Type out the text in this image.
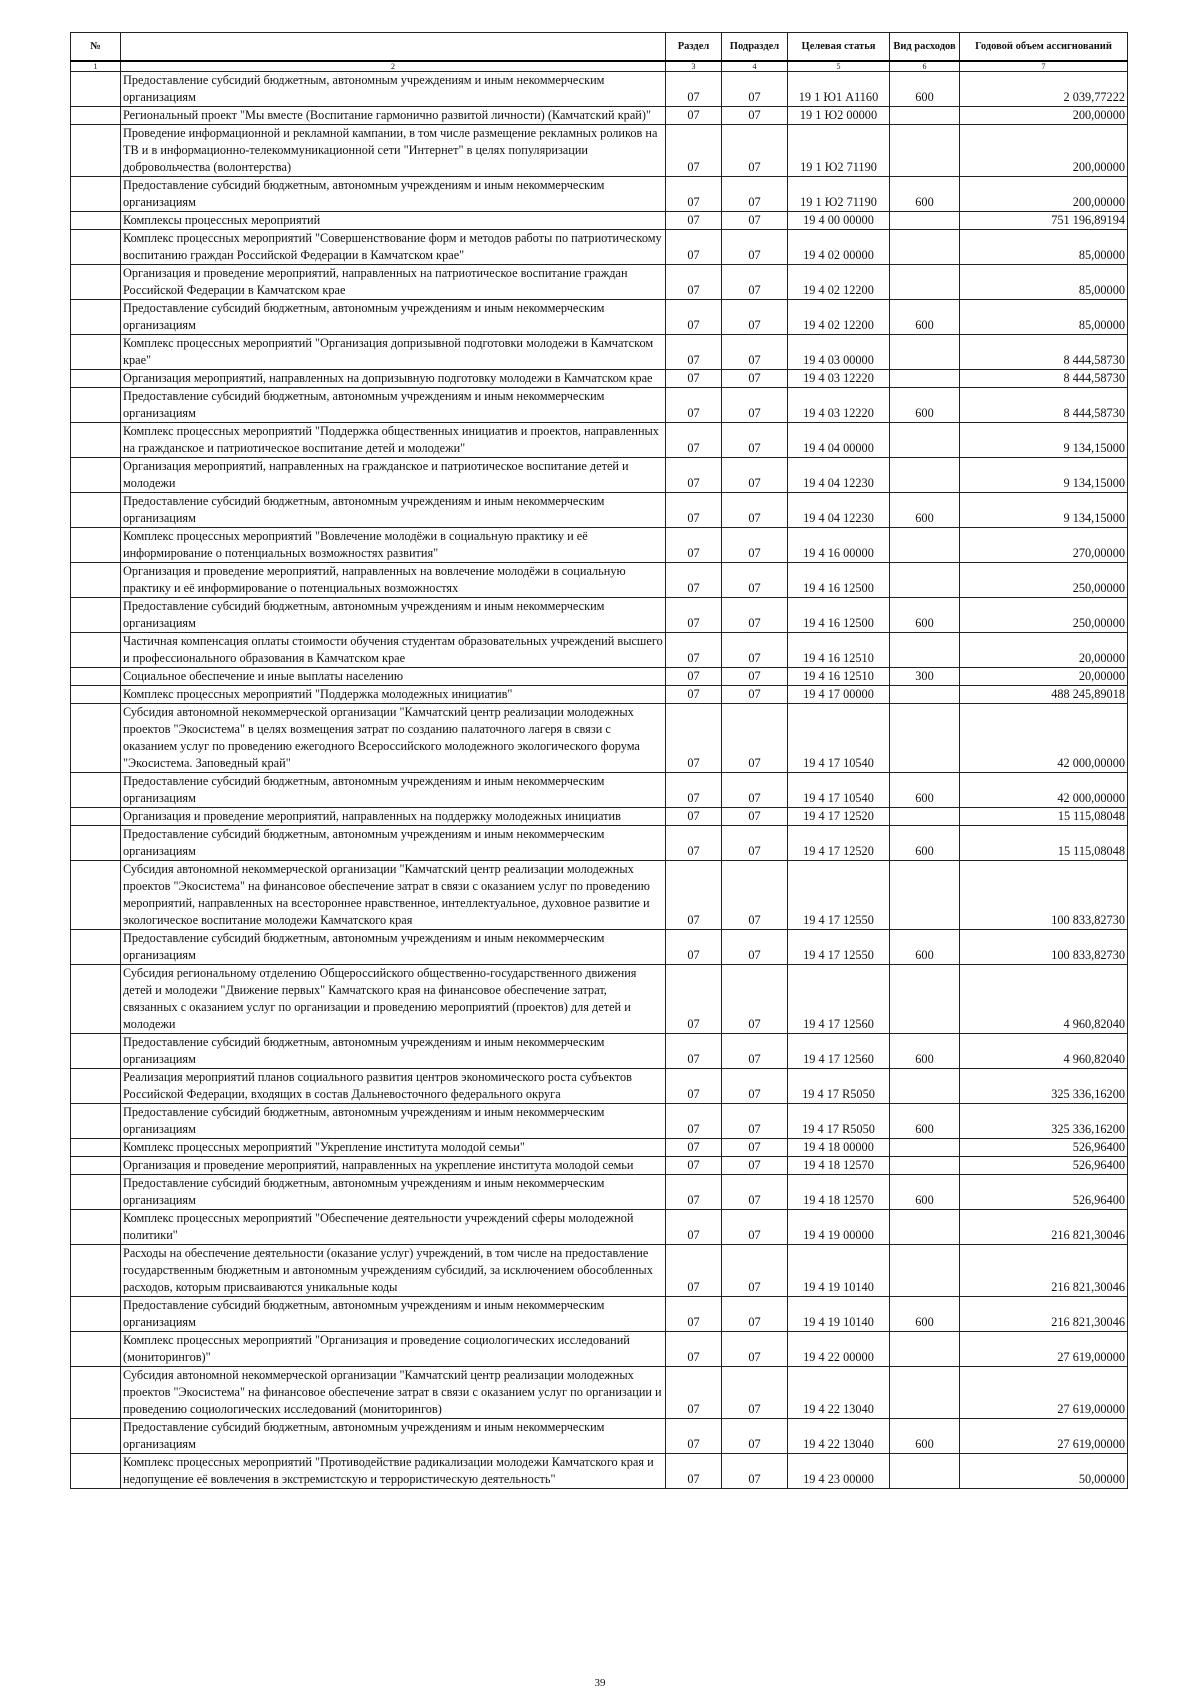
№		Раздел	Подраздел	Целевая статья	Вид расходов	Годовой объем ассигнований
1	2	3	4	5	6	7
	Предоставление субсидий бюджетным, автономным учреждениям и иным некоммерческим организациям	07	07	19 1 Ю1 А1160	600	2 039,77222
	Региональный проект "Мы вместе (Воспитание гармонично развитой личности) (Камчатский край)"	07	07	19 1 Ю2 00000		200,00000
	Проведение информационной и рекламной кампании, в том числе размещение рекламных роликов на ТВ и в информационно-телекоммуникационной сети "Интернет" в целях популяризации добровольчества (волонтерства)	07	07	19 1 Ю2 71190		200,00000
	Предоставление субсидий бюджетным, автономным учреждениям и иным некоммерческим организациям	07	07	19 1 Ю2 71190	600	200,00000
	Комплексы процессных мероприятий	07	07	19 4 00 00000		751 196,89194
	Комплекс процессных мероприятий "Совершенствование форм и методов работы по патриотическому воспитанию граждан Российской Федерации в Камчатском крае"	07	07	19 4 02 00000		85,00000
	Организация и проведение мероприятий, направленных на патриотическое воспитание граждан Российской Федерации в Камчатском крае	07	07	19 4 02 12200		85,00000
	Предоставление субсидий бюджетным, автономным учреждениям и иным некоммерческим организациям	07	07	19 4 02 12200	600	85,00000
	Комплекс процессных мероприятий "Организация допризывной подготовки молодежи в Камчатском крае"	07	07	19 4 03 00000		8 444,58730
	Организация мероприятий, направленных на допризывную подготовку молодежи в Камчатском крае	07	07	19 4 03 12220		8 444,58730
	Предоставление субсидий бюджетным, автономным учреждениям и иным некоммерческим организациям	07	07	19 4 03 12220	600	8 444,58730
	Комплекс процессных мероприятий "Поддержка общественных инициатив и проектов, направленных на гражданское и патриотическое воспитание детей и молодежи"	07	07	19 4 04 00000		9 134,15000
	Организация мероприятий, направленных на гражданское и патриотическое воспитание детей и молодежи	07	07	19 4 04 12230		9 134,15000
	Предоставление субсидий бюджетным, автономным учреждениям и иным некоммерческим организациям	07	07	19 4 04 12230	600	9 134,15000
	Комплекс процессных мероприятий "Вовлечение молодёжи в социальную практику и её информирование о потенциальных возможностях развития"	07	07	19 4 16 00000		270,00000
	Организация и проведение мероприятий, направленных на вовлечение молодёжи в социальную практику и её информирование о потенциальных возможностях	07	07	19 4 16 12500		250,00000
	Предоставление субсидий бюджетным, автономным учреждениям и иным некоммерческим организациям	07	07	19 4 16 12500	600	250,00000
	Частичная компенсация оплаты стоимости обучения студентам образовательных учреждений высшего и профессионального образования в Камчатском крае	07	07	19 4 16 12510		20,00000
	Социальное обеспечение и иные выплаты населению	07	07	19 4 16 12510	300	20,00000
	Комплекс процессных мероприятий "Поддержка молодежных инициатив"	07	07	19 4 17 00000		488 245,89018
	Субсидия автономной некоммерческой организации "Камчатский центр реализации молодежных проектов "Экосистема" в целях возмещения затрат по созданию палаточного лагеря в связи с оказанием услуг по проведению ежегодного Всероссийского молодежного экологического форума "Экосистема. Заповедный край"	07	07	19 4 17 10540		42 000,00000
	Предоставление субсидий бюджетным, автономным учреждениям и иным некоммерческим организациям	07	07	19 4 17 10540	600	42 000,00000
	Организация и проведение мероприятий, направленных на поддержку молодежных инициатив	07	07	19 4 17 12520		15 115,08048
	Предоставление субсидий бюджетным, автономным учреждениям и иным некоммерческим организациям	07	07	19 4 17 12520	600	15 115,08048
	Субсидия автономной некоммерческой организации "Камчатский центр реализации молодежных проектов "Экосистема" на финансовое обеспечение затрат в связи с оказанием услуг по проведению мероприятий, направленных на всестороннее нравственное, интеллектуальное, духовное развитие и экологическое воспитание молодежи Камчатского края	07	07	19 4 17 12550		100 833,82730
	Предоставление субсидий бюджетным, автономным учреждениям и иным некоммерческим организациям	07	07	19 4 17 12550	600	100 833,82730
	Субсидия региональному отделению Общероссийского общественно-государственного движения детей и молодежи "Движение первых" Камчатского края на финансовое обеспечение затрат, связанных с оказанием услуг по организации и проведению мероприятий (проектов) для детей и молодежи	07	07	19 4 17 12560		4 960,82040
	Предоставление субсидий бюджетным, автономным учреждениям и иным некоммерческим организациям	07	07	19 4 17 12560	600	4 960,82040
	Реализация мероприятий планов социального развития центров экономического роста субъектов Российской Федерации, входящих в состав Дальневосточного федерального округа	07	07	19 4 17 R5050		325 336,16200
	Предоставление субсидий бюджетным, автономным учреждениям и иным некоммерческим организациям	07	07	19 4 17 R5050	600	325 336,16200
	Комплекс процессных мероприятий "Укрепление института молодой семьи"	07	07	19 4 18 00000		526,96400
	Организация и проведение мероприятий, направленных на укрепление института молодой семьи	07	07	19 4 18 12570		526,96400
	Предоставление субсидий бюджетным, автономным учреждениям и иным некоммерческим организациям	07	07	19 4 18 12570	600	526,96400
	Комплекс процессных мероприятий "Обеспечение деятельности учреждений сферы молодежной политики"	07	07	19 4 19 00000		216 821,30046
	Расходы на обеспечение деятельности (оказание услуг) учреждений, в том числе на предоставление государственным бюджетным и автономным учреждениям субсидий, за исключением обособленных расходов, которым присваиваются уникальные коды	07	07	19 4 19 10140		216 821,30046
	Предоставление субсидий бюджетным, автономным учреждениям и иным некоммерческим организациям	07	07	19 4 19 10140	600	216 821,30046
	Комплекс процессных мероприятий "Организация и проведение социологических исследований (мониторингов)"	07	07	19 4 22 00000		27 619,00000
	Субсидия автономной некоммерческой организации "Камчатский центр реализации молодежных проектов "Экосистема" на финансовое обеспечение затрат в связи с оказанием услуг по организации и проведению социологических исследований (мониторингов)	07	07	19 4 22 13040		27 619,00000
	Предоставление субсидий бюджетным, автономным учреждениям и иным некоммерческим организациям	07	07	19 4 22 13040	600	27 619,00000
	Комплекс процессных мероприятий "Противодействие радикализации молодежи Камчатского края и недопущение её вовлечения в экстремистскую и террористическую деятельность"	07	07	19 4 23 00000		50,00000
39
